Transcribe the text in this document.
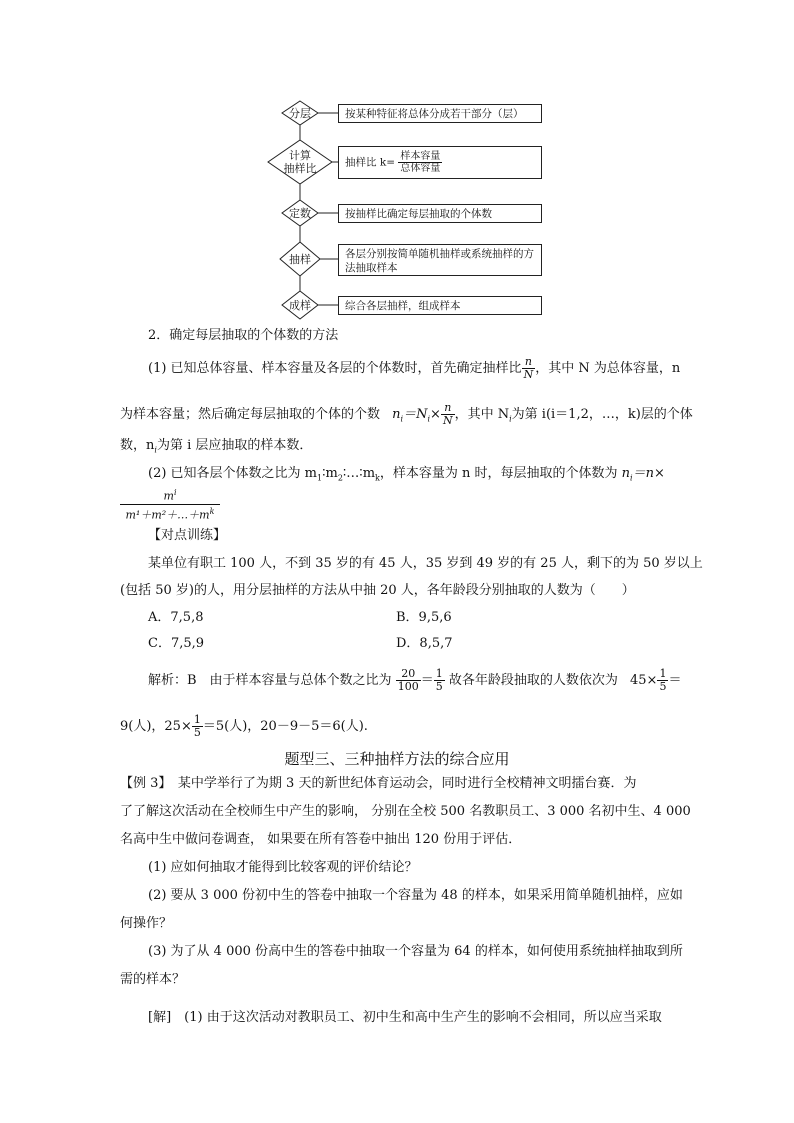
分层
计算
抽样比
定数
抽样
成样
按某种特征将总体分成若干部分（层）
抽样比 $k= \frac{\text{样本容量}}{\text{总体容量}}$
按抽样比确定每层抽取的个体数
各层分别按简单随机抽样或系统抽样的方
法抽取样本
综合各层抽样，组成样本
2．确定每层抽取的个体数的方法
(1) 已知总体容量、样本容量及各层的个体数时，首先确定抽样比 $\frac{n}{N}$ ，其中 N 为总体容量，n
为样本容量；然后确定每层抽取的个体的个数 $n_i=N_i\times \frac{n}{N}$ ，其中 $N_i$为第 i(i＝1,2，…，k)层的个体
数，$n_i$为第 i 层应抽取的样本数．
(2) 已知各层个体数之比为 $m_1∶m_2∶\dots∶m_k$，样本容量为 n 时，每层抽取的个体数为 $n_i=n\times$
$m^i$
$m^1+m^2+\dots+m^k$
【对点训练】
某单位有职工 100 人，不到 35 岁的有 45 人，35 岁到 49 岁的有 25 人，剩下的为 50 岁以上
(包括 50 岁)的人，用分层抽样的方法从中抽 20 人，各年龄段分别抽取的人数为（　　）
A．7,5,8	B．9,5,6
C．7,5,9	D．8,5,7
解析：B　由于样本容量与总体个数之比为 $\frac{20}{100} = \frac{1}{5}$ 故各年龄段抽取的人数依次为 $45\times \frac{1}{5}$ ＝
9(人)，$25\times \frac{1}{5} =5$(人)，20－9－5＝6(人).
题型三、三种抽样方法的综合应用
【例 3】　 某中学举行了为期 3 天的新世纪体育运动会，同时进行全校精神文明擂台赛．为
了了解这次活动在全校师生中产生的影响， 分别在全校 500 名教职员工、3 000 名初中生、4 000
名高中生中做问卷调查， 如果要在所有答卷中抽出 120 份用于评估．
(1) 应如何抽取才能得到比较客观的评价结论？
(2) 要从 3 000 份初中生的答卷中抽取一个容量为 48 的样本，如果采用简单随机抽样，应如
何操作？
(3) 为了从 4 000 份高中生的答卷中抽取一个容量为 64 的样本，如何使用系统抽样抽取到所
需的样本？
[解]　(1) 由于这次活动对教职员工、初中生和高中生产生的影响不会相同，所以应当采取
